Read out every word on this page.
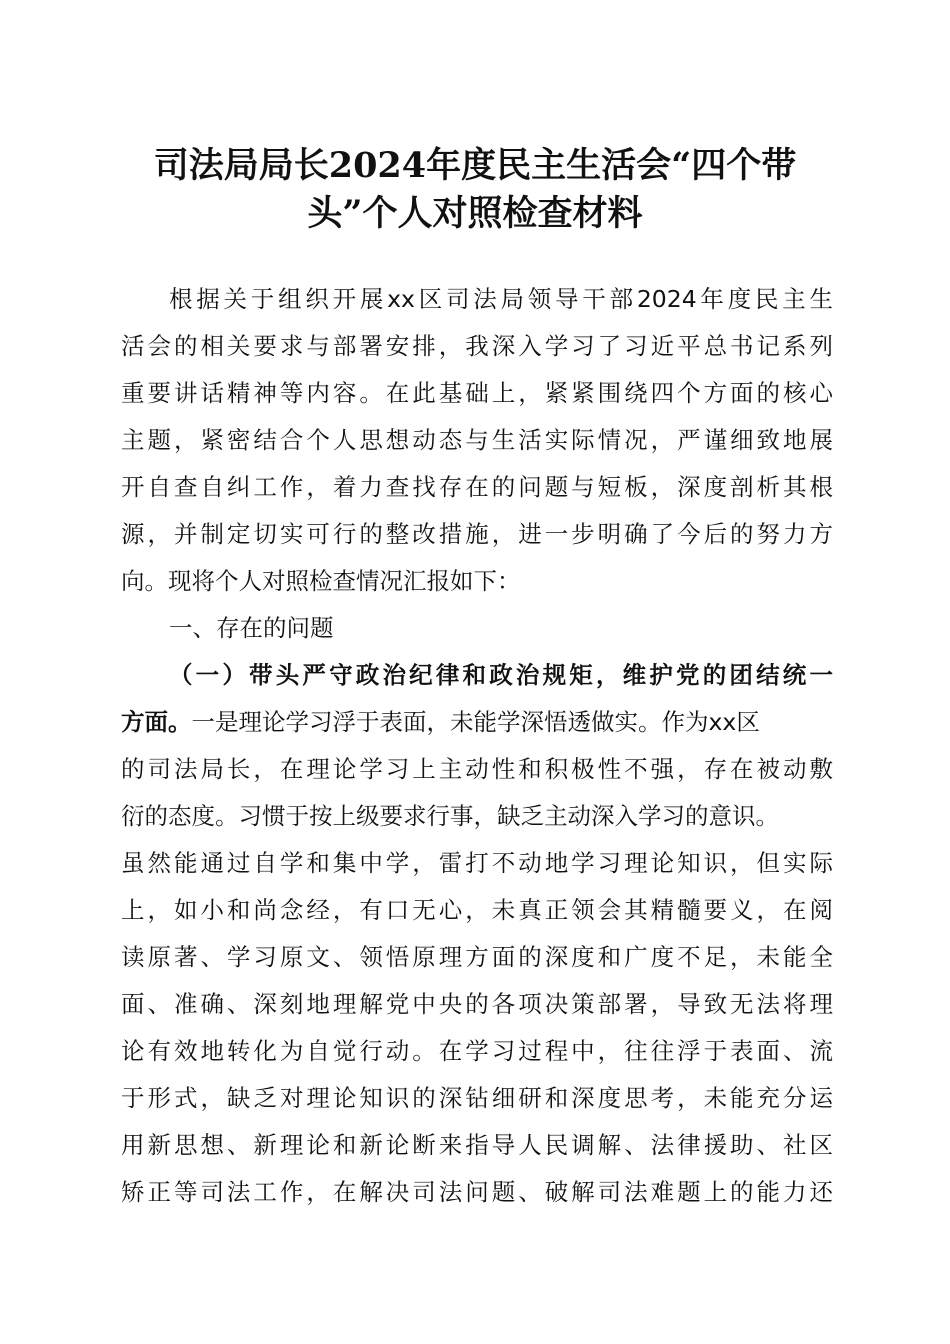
司法局局长2024年度民主生活会“四个带
头”个人对照检查材料
根据关于组织开展xx区司法局领导干部2024年度民主生
活会的相关要求与部署安排，我深入学习了习近平总书记系列
重要讲话精神等内容。在此基础上，紧紧围绕四个方面的核心
主题，紧密结合个人思想动态与生活实际情况，严谨细致地展
开自查自纠工作，着力查找存在的问题与短板，深度剖析其根
源，并制定切实可行的整改措施，进一步明确了今后的努力方
向。现将个人对照检查情况汇报如下：
一、存在的问题
（一）带头严守政治纪律和政治规矩，维护党的团结统一
方面。一是理论学习浮于表面，未能学深悟透做实。作为xx区
的司法局长，在理论学习上主动性和积极性不强，存在被动敷
衍的态度。习惯于按上级要求行事，缺乏主动深入学习的意识。
虽然能通过自学和集中学，雷打不动地学习理论知识，但实际
上，如小和尚念经，有口无心，未真正领会其精髓要义，在阅
读原著、学习原文、领悟原理方面的深度和广度不足，未能全
面、准确、深刻地理解党中央的各项决策部署，导致无法将理
论有效地转化为自觉行动。在学习过程中，往往浮于表面、流
于形式，缺乏对理论知识的深钻细研和深度思考，未能充分运
用新思想、新理论和新论断来指导人民调解、法律援助、社区
矫正等司法工作，在解决司法问题、破解司法难题上的能力还
